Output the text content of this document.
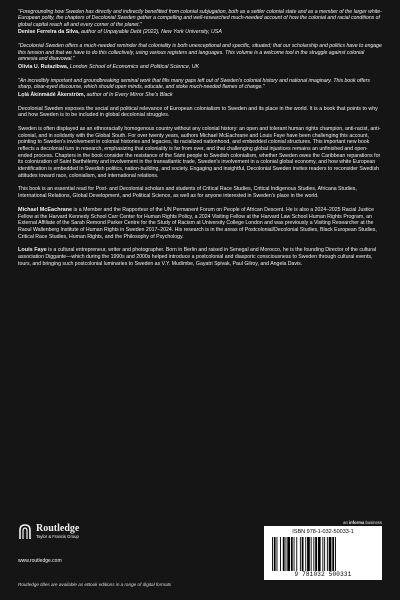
"Foregrounding how Sweden has directly and indirectly benefitted from colonial subjugation, both as a settler colonial state and as a member of the larger white-European polity, the chapters of Decolonial Sweden gather a compelling and well-researched much-needed account of how the colonial and racial conditions of global capital reach all and every corner of the planet."

Denise Ferreira da Silva, author of Unpayable Debt (2022), New York University, USA

"Decolonial Sweden offers a much-needed reminder that coloniality is both unexceptional and specific, situated; that our scholarship and politics have to engage this tension and that we have to do this collectively, using various registers and languages. This volume is a welcome tool in the struggle against colonial amnesia and disavowal."

Olivia U. Rutazibwa, London School of Economics and Political Science, UK

"An incredibly important and groundbreaking seminal work that fills many gaps left out of Sweden's colonial history and national imaginary. This book offers sharp, clear-eyed discourse, which should open minds, educate, and stoke much-needed flames of change."

Lọlá Àkínmádé Åkerström, author of In Every Mirror She's Black

Decolonial Sweden exposes the social and political relevance of European colonialism to Sweden and its place in the world. It is a book that points to why and how Sweden is to be included in global decolonial struggles.

Sweden is often displayed as an ethnoracially homogenous country without any colonial history: an open and tolerant human rights champion, anti-racist, anti-colonial, and in solidarity with the Global South. For over twenty years, authors Michael McEachrane and Louis Faye have been challenging this account, pointing to Sweden's involvement in colonial histories and legacies, its racialized nationhood, and embedded colonial structures. This important new book reflects a decolonial turn in research, emphasizing that coloniality is far from over, and that challenging global injustices remains an unfinished and open-ended process. Chapters in the book consider the resistance of the Sámi people to Swedish colonialism, whether Sweden owes the Caribbean reparations for its colonization of Saint Barthélemy and involvement in the transatlantic trade, Sweden's involvement in a colonial global economy, and how white European identification is embedded in Swedish politics, nation-building, and society. Engaging and insightful, Decolonial Sweden invites readers to reconsider Swedish attitudes toward race, colonialism, and international relations.

This book is an essential read for Post- and Decolonial scholars and students of Critical Race Studies, Critical Indigenous Studies, Africana Studies, International Relations, Global Development, and Political Science, as well as for anyone interested in Sweden's place in the world.

Michael McEachrane is a Member and the Rapporteur of the UN Permanent Forum on People of African Descent. He is also a 2024–2025 Racial Justice Fellow at the Harvard Kennedy School Carr Center for Human Rights Policy, a 2024 Visiting Fellow at the Harvard Law School Human Rights Program, an External Affiliate of the Sarah Remond Parker Centre for the Study of Racism at University College London and was previously a Visiting Researcher at the Raoul Wallenberg Institute of Human Rights in Sweden 2017–2024. His research is in the areas of Postcolonial/Decolonial Studies, Black European Studies, Critical Race Studies, Human Rights, and the Philosophy of Psychology.

Louis Faye is a cultural entrepreneur, writer and photographer. Born in Berlin and raised in Senegal and Morocco, he is the founding Director of the cultural association Diggante—which during the 1990s and 2000s helped introduce a postcolonial and diasporic consciousness to Sweden through cultural events, tours, and bringing such postcolonial luminaries to Sweden as V.Y. Mudimbe, Gayatri Spivak, Paul Gilroy, and Angela Davis.

Routledge
Taylor & Francis Group
www.routledge.com
Routledge titles are available as eBook editions in a range of digital formats
an informa business
ISBN 978-1-032-50033-1
9 781032 500331
